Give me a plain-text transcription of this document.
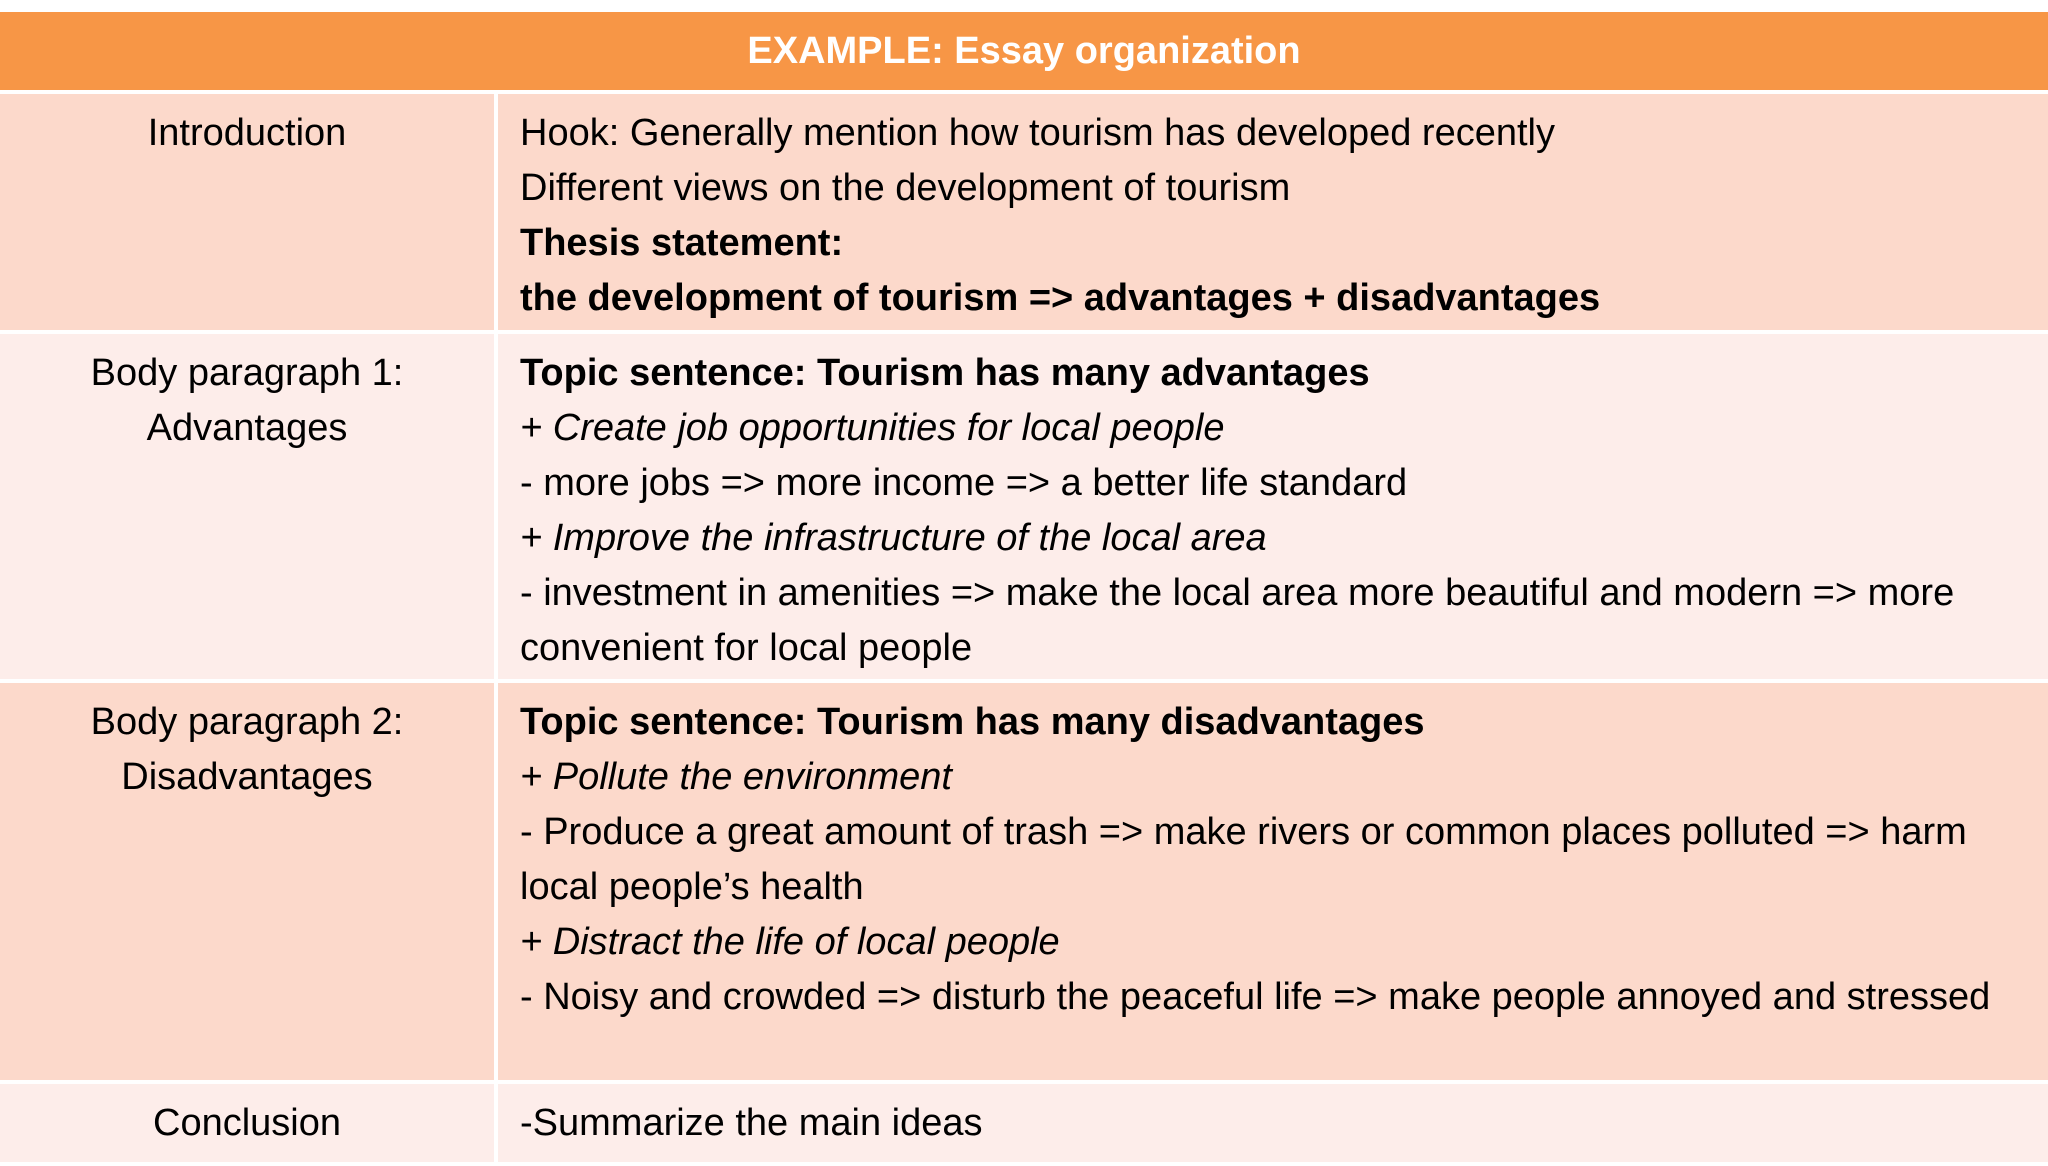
EXAMPLE: Essay organization
Introduction	Hook: Generally mention how tourism has developed recently
Different views on the development of tourism
Thesis statement:
the development of tourism => advantages + disadvantages
Body paragraph 1:
Advantages
Topic sentence: Tourism has many advantages
+ Create job opportunities for local people
- more jobs => more income => a better life standard
+ Improve the infrastructure of the local area
- investment in amenities => make the local area more beautiful and modern => more convenient for local people
Body paragraph 2:
Disadvantages
Topic sentence: Tourism has many disadvantages
+ Pollute the environment
- Produce a great amount of trash => make rivers or common places polluted => harm local people’s health
+ Distract the life of local people
- Noisy and crowded => disturb the peaceful life => make people annoyed and stressed
Conclusion	-Summarize the main ideas
